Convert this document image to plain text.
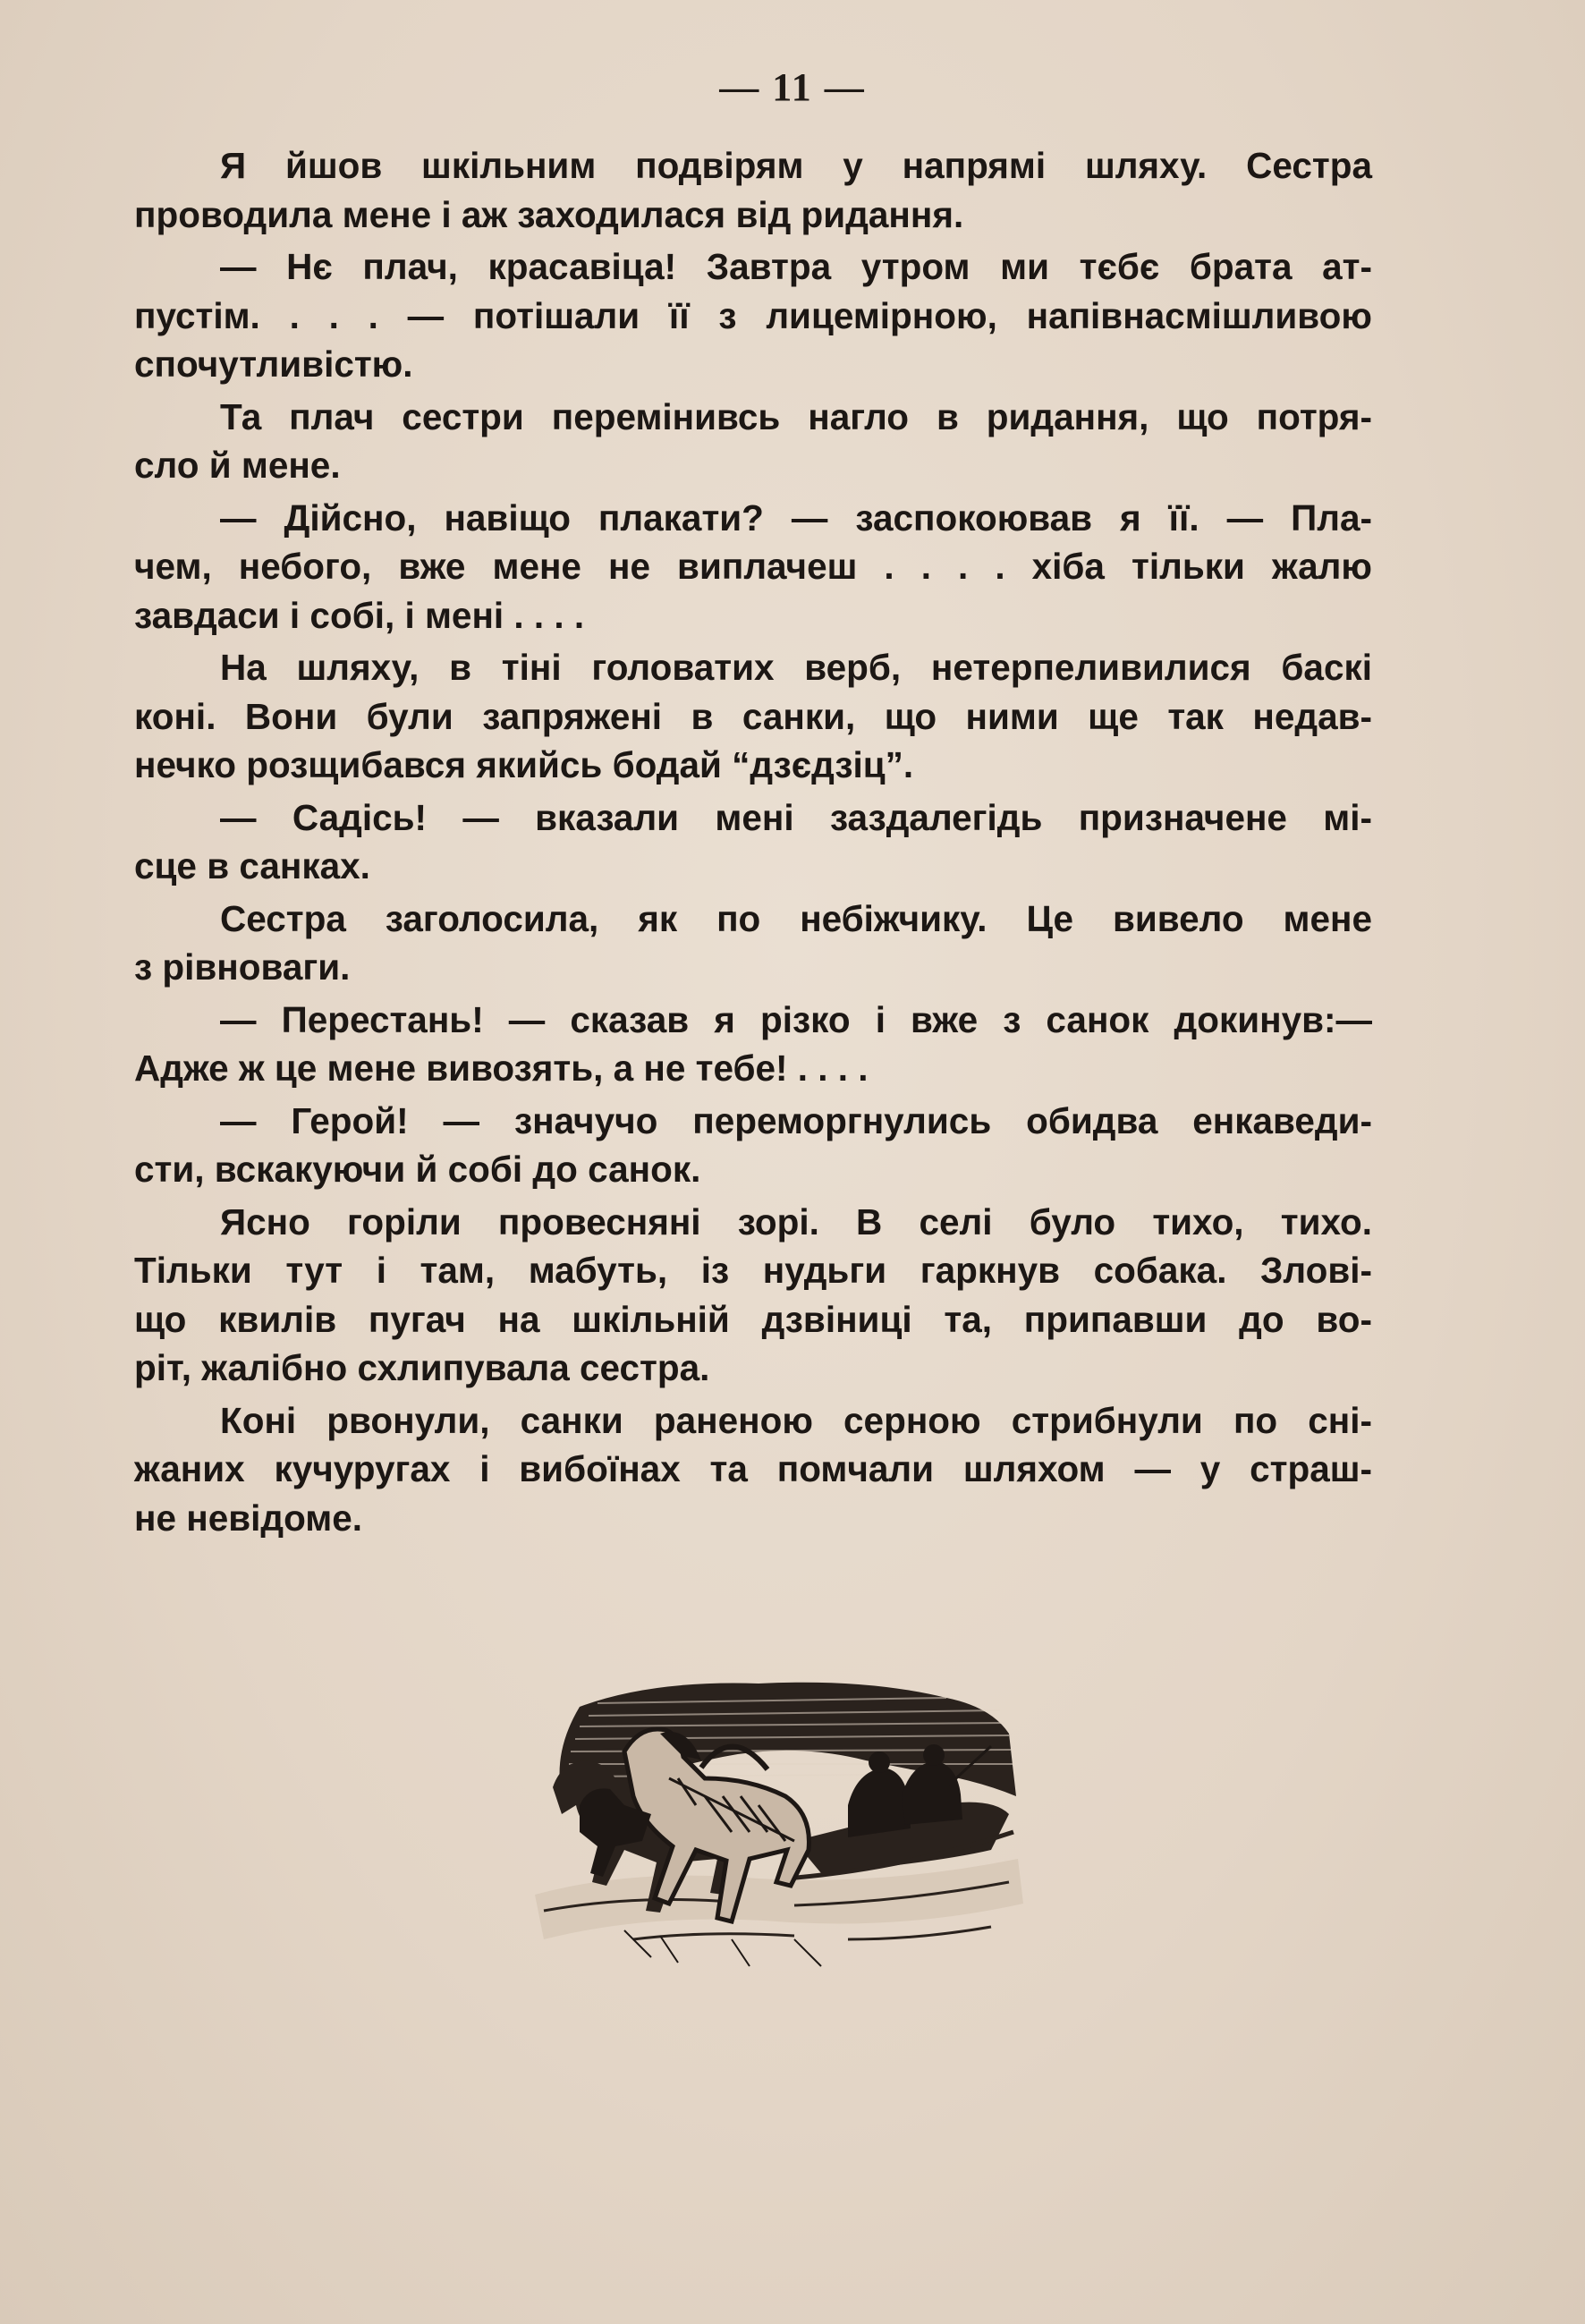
— 11 —
Я йшов шкільним подвірям у напрямі шляху. Сестра
проводила мене і аж заходилася від ридання.
— Нє плач, красавіца! Завтра утром ми тєбє брата ат-
пустім. . . . — потішали її з лицемірною, напівнасмішливою
спочутливістю.
Та плач сестри перемінивсь нагло в ридання, що потря-
сло й мене.
— Дійсно, навіщо плакати? — заспокоював я її. — Пла-
чем, небого, вже мене не виплачеш . . . . хіба тільки жалю
завдаси і собі, і мені . . . .
На шляху, в тіні головатих верб, нетерпеливилися баскі
коні. Вони були запряжені в санки, що ними ще так недав-
нечко розщибався якийсь бодай “дзєдзіц”.
— Садісь! — вказали мені заздалегідь призначене мі-
сце в санках.
Сестра заголосила, як по небіжчику. Це вивело мене
з рівноваги.
— Перестань! — сказав я різко і вже з санок докинув:—
Адже ж це мене вивозять, а не тебе! . . . .
— Герой! — значучо переморгнулись обидва енкаведи-
сти, вскакуючи й собі до санок.
Ясно горіли провесняні зорі. В селі було тихо, тихо.
Тільки тут і там, мабуть, із нудьги гаркнув собака. Злові-
що квилів пугач на шкільній дзвіниці та, припавши до во-
ріт, жалібно схлипувала сестра.
Коні рвонули, санки раненою серною стрибнули по сні-
жаних кучуругах і вибоїнах та помчали шляхом — у страш-
не невідоме.
